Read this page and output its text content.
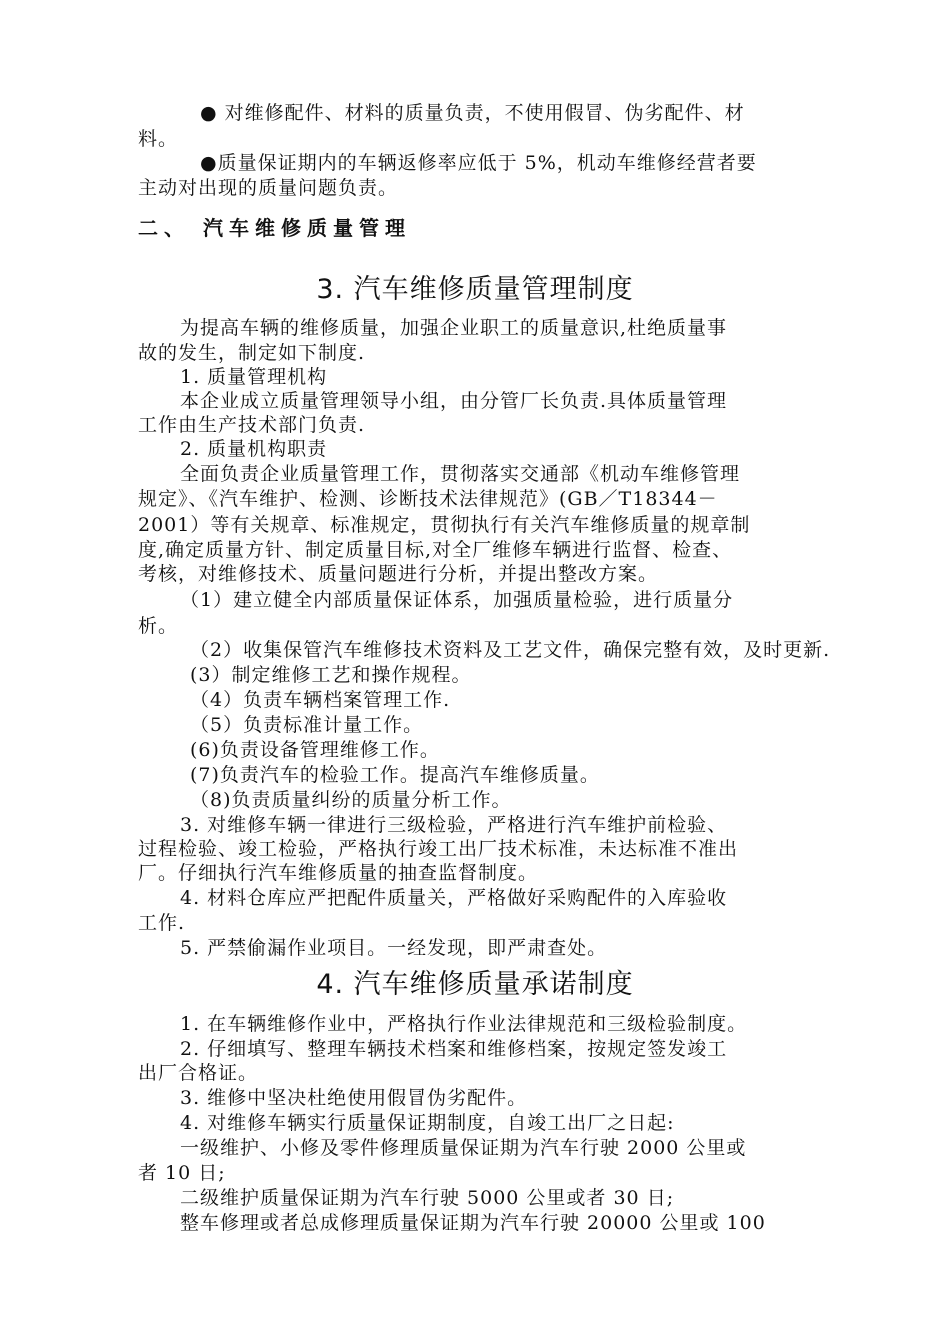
● 对维修配件、材料的质量负责，不使用假冒、伪劣配件、材
料。
●质量保证期内的车辆返修率应低于 5%，机动车维修经营者要
主动对出现的质量问题负责。
二、 汽车维修质量管理
3. 汽车维修质量管理制度
为提高车辆的维修质量，加强企业职工的质量意识,杜绝质量事
故的发生，制定如下制度.
1. 质量管理机构
本企业成立质量管理领导小组，由分管厂长负责.具体质量管理
工作由生产技术部门负责.
2. 质量机构职责
全面负责企业质量管理工作，贯彻落实交通部《机动车维修管理
规定》、《汽车维护、检测、诊断技术法律规范》(GB／T18344－
2001）等有关规章、标准规定，贯彻执行有关汽车维修质量的规章制
度,确定质量方针、制定质量目标,对全厂维修车辆进行监督、检查、
考核，对维修技术、质量问题进行分析，并提出整改方案。
（1）建立健全内部质量保证体系，加强质量检验，进行质量分
析。
（2）收集保管汽车维修技术资料及工艺文件，确保完整有效，及时更新.
(3）制定维修工艺和操作规程。
（4）负责车辆档案管理工作.
（5）负责标准计量工作。
(6)负责设备管理维修工作。
(7)负责汽车的检验工作。提高汽车维修质量。
（8)负责质量纠纷的质量分析工作。
3. 对维修车辆一律进行三级检验，严格进行汽车维护前检验、
过程检验、竣工检验，严格执行竣工出厂技术标准，未达标准不准出
厂。仔细执行汽车维修质量的抽查监督制度。
4. 材料仓库应严把配件质量关，严格做好采购配件的入库验收
工作.
5. 严禁偷漏作业项目。一经发现，即严肃查处。
4. 汽车维修质量承诺制度
1. 在车辆维修作业中，严格执行作业法律规范和三级检验制度。
2. 仔细填写、整理车辆技术档案和维修档案，按规定签发竣工
出厂合格证。
3. 维修中坚决杜绝使用假冒伪劣配件。
4. 对维修车辆实行质量保证期制度，自竣工出厂之日起:
一级维护、小修及零件修理质量保证期为汽车行驶 2000 公里或
者 10 日;
二级维护质量保证期为汽车行驶 5000 公里或者 30 日;
整车修理或者总成修理质量保证期为汽车行驶 20000 公里或 100
